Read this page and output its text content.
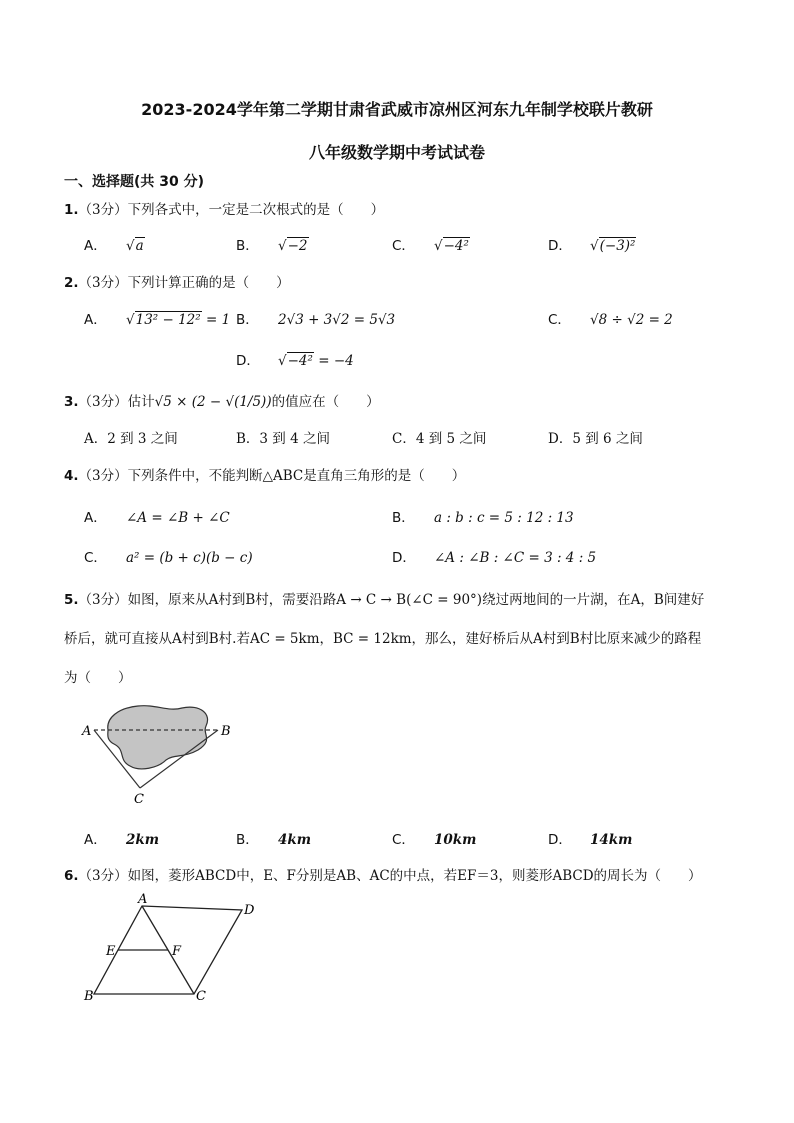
2023-2024学年第二学期甘肃省武威市凉州区河东九年制学校联片教研
八年级数学期中考试试卷
一、选择题(共 30 分)
1.（3分）下列各式中，一定是二次根式的是（　　）
A． √a	B． √−2	C． √−4²	D． √(−3)²
2.（3分）下列计算正确的是（　　）
A． √13² − 12² = 1 B． 2√3 + 3√2 = 5√3	C． √8 ÷ √2 = 2
D． √−4² = −4
3.（3分）估计√5 × (2 − √(1/5))的值应在（　　）
A．2 到 3 之间	B．3 到 4 之间	C．4 到 5 之间	D．5 到 6 之间
4.（3分）下列条件中，不能判断△ABC是直角三角形的是（　　）
A． ∠A = ∠B + ∠C	B． a : b : c = 5 : 12 : 13
C． a² = (b + c)(b − c)	D． ∠A : ∠B : ∠C = 3 : 4 : 5
5.（3分）如图，原来从A村到B村，需要沿路A → C → B(∠C = 90°)绕过两地间的一片湖，在A，B间建好
桥后，就可直接从A村到B村.若AC = 5km，BC = 12km，那么，建好桥后从A村到B村比原来减少的路程
为（　　）
A	B
C
A． 2km	B． 4km	C． 10km	D． 14km
6.（3分）如图，菱形ABCD中，E、F分别是AB、AC的中点，若EF＝3，则菱形ABCD的周长为（　　）
A
D
E	F
B	C
